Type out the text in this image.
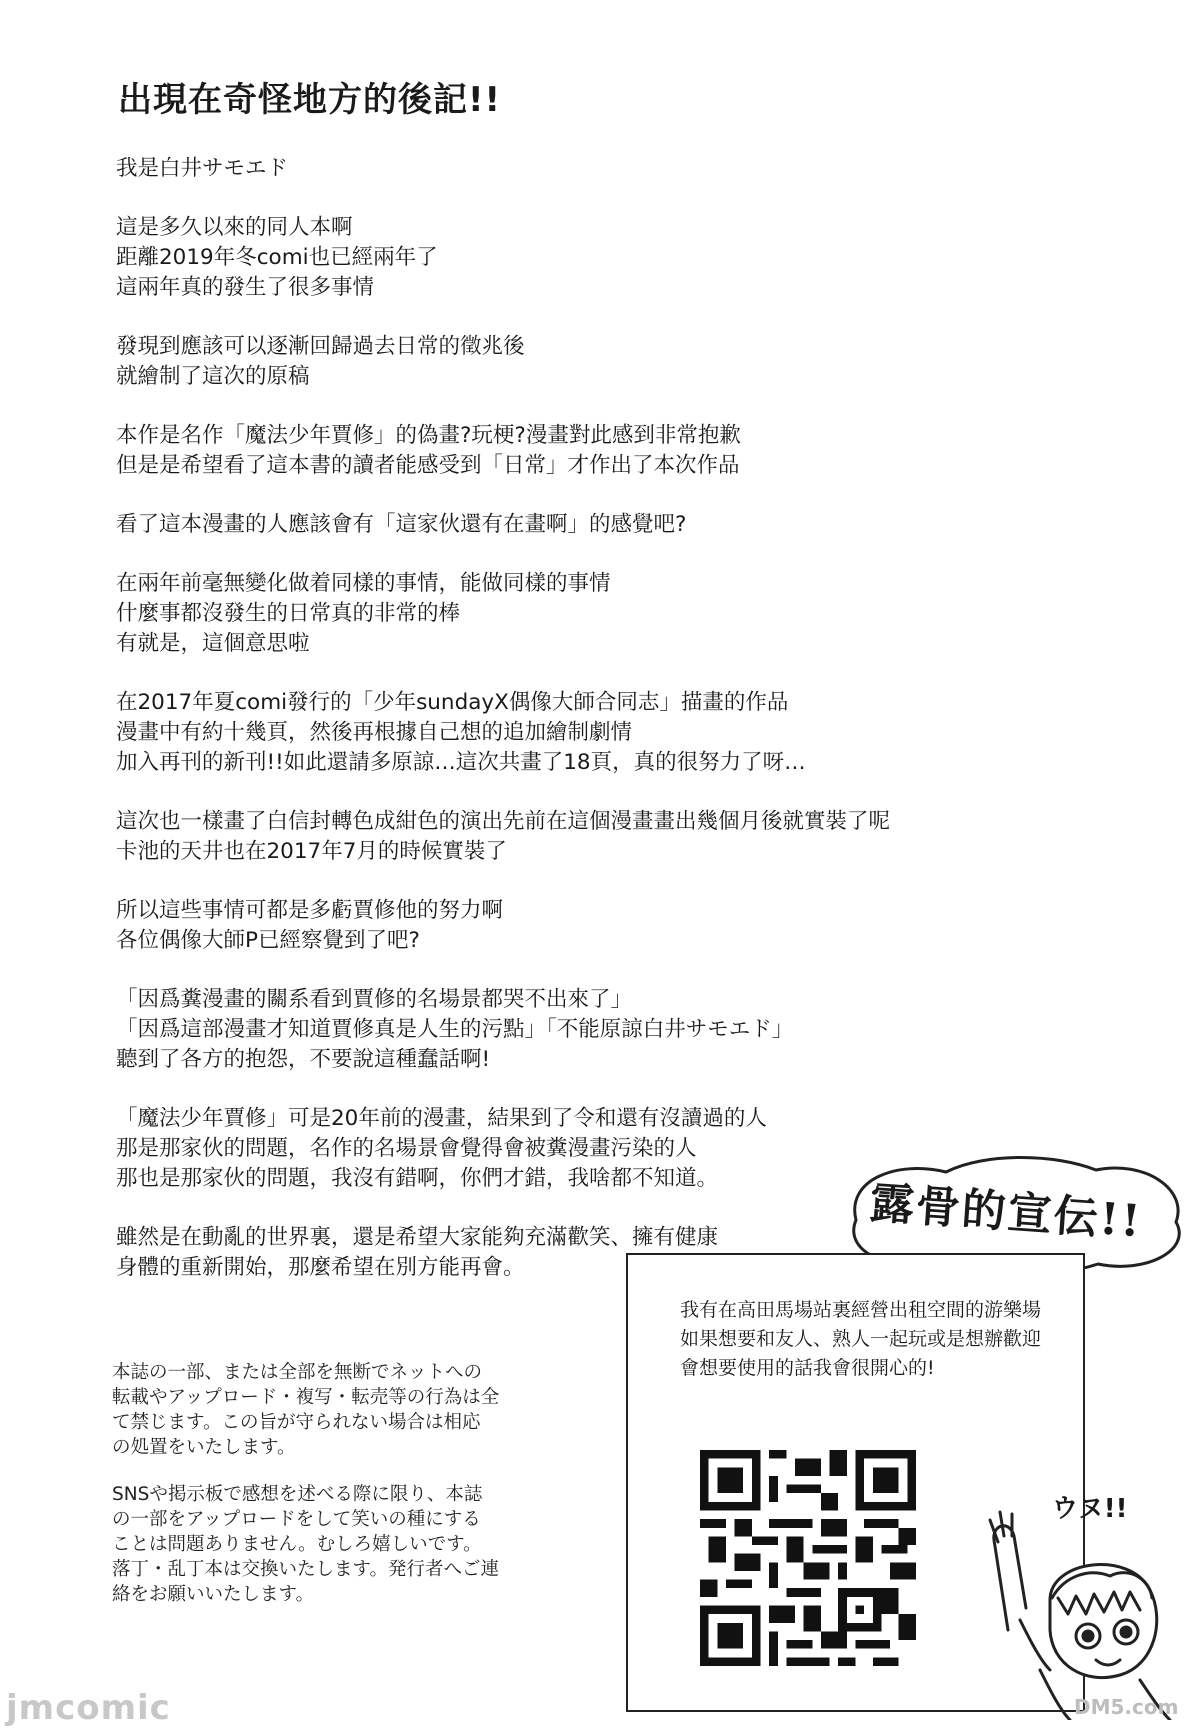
出現在奇怪地方的後記!!
我是白井サモエド
這是多久以來的同人本啊
距離2019年冬comi也已經兩年了
這兩年真的發生了很多事情
發現到應該可以逐漸回歸過去日常的徵兆後
就繪制了這次的原稿
本作是名作「魔法少年賈修」的偽畫?玩梗?漫畫對此感到非常抱歉
但是是希望看了這本書的讀者能感受到「日常」才作出了本次作品
看了這本漫畫的人應該會有「這家伙還有在畫啊」的感覺吧?
在兩年前毫無變化做着同樣的事情，能做同樣的事情
什麼事都沒發生的日常真的非常的棒
有就是，這個意思啦
在2017年夏comi發行的「少年sundayX偶像大師合同志」描畫的作品
漫畫中有約十幾頁，然後再根據自己想的追加繪制劇情
加入再刊的新刊!!如此還請多原諒…這次共畫了18頁，真的很努力了呀…
這次也一樣畫了白信封轉色成紺色的演出先前在這個漫畫畫出幾個月後就實裝了呢
卡池的天井也在2017年7月的時候實裝了
所以這些事情可都是多虧賈修他的努力啊
各位偶像大師P已經察覺到了吧?
「因爲糞漫畫的關系看到賈修的名場景都哭不出來了」
「因爲這部漫畫才知道賈修真是人生的污點」「不能原諒白井サモエド」
聽到了各方的抱怨，不要說這種蠢話啊!
「魔法少年賈修」可是20年前的漫畫，結果到了令和還有沒讀過的人
那是那家伙的問題，名作的名場景會覺得會被糞漫畫污染的人
那也是那家伙的問題，我沒有錯啊，你們才錯，我啥都不知道。
雖然是在動亂的世界裏，還是希望大家能夠充滿歡笑、擁有健康
身體的重新開始，那麼希望在別方能再會。
本誌の一部、または全部を無断でネットへの
転載やアップロード・複写・転売等の行為は全
て禁じます。この旨が守られない場合は相応
の処置をいたします。
SNSや掲示板で感想を述べる際に限り、本誌
の一部をアップロードをして笑いの種にする
ことは問題ありません。むしろ嬉しいです。
落丁・乱丁本は交換いたします。発行者へご連
絡をお願いいたします。
露骨的宣伝!!
我有在高田馬場站裏經營出租空間的游樂場
如果想要和友人、熟人一起玩或是想辦歡迎
會想要使用的話我會很開心的!
ウヌ!!
jmcomic	DM5.com
